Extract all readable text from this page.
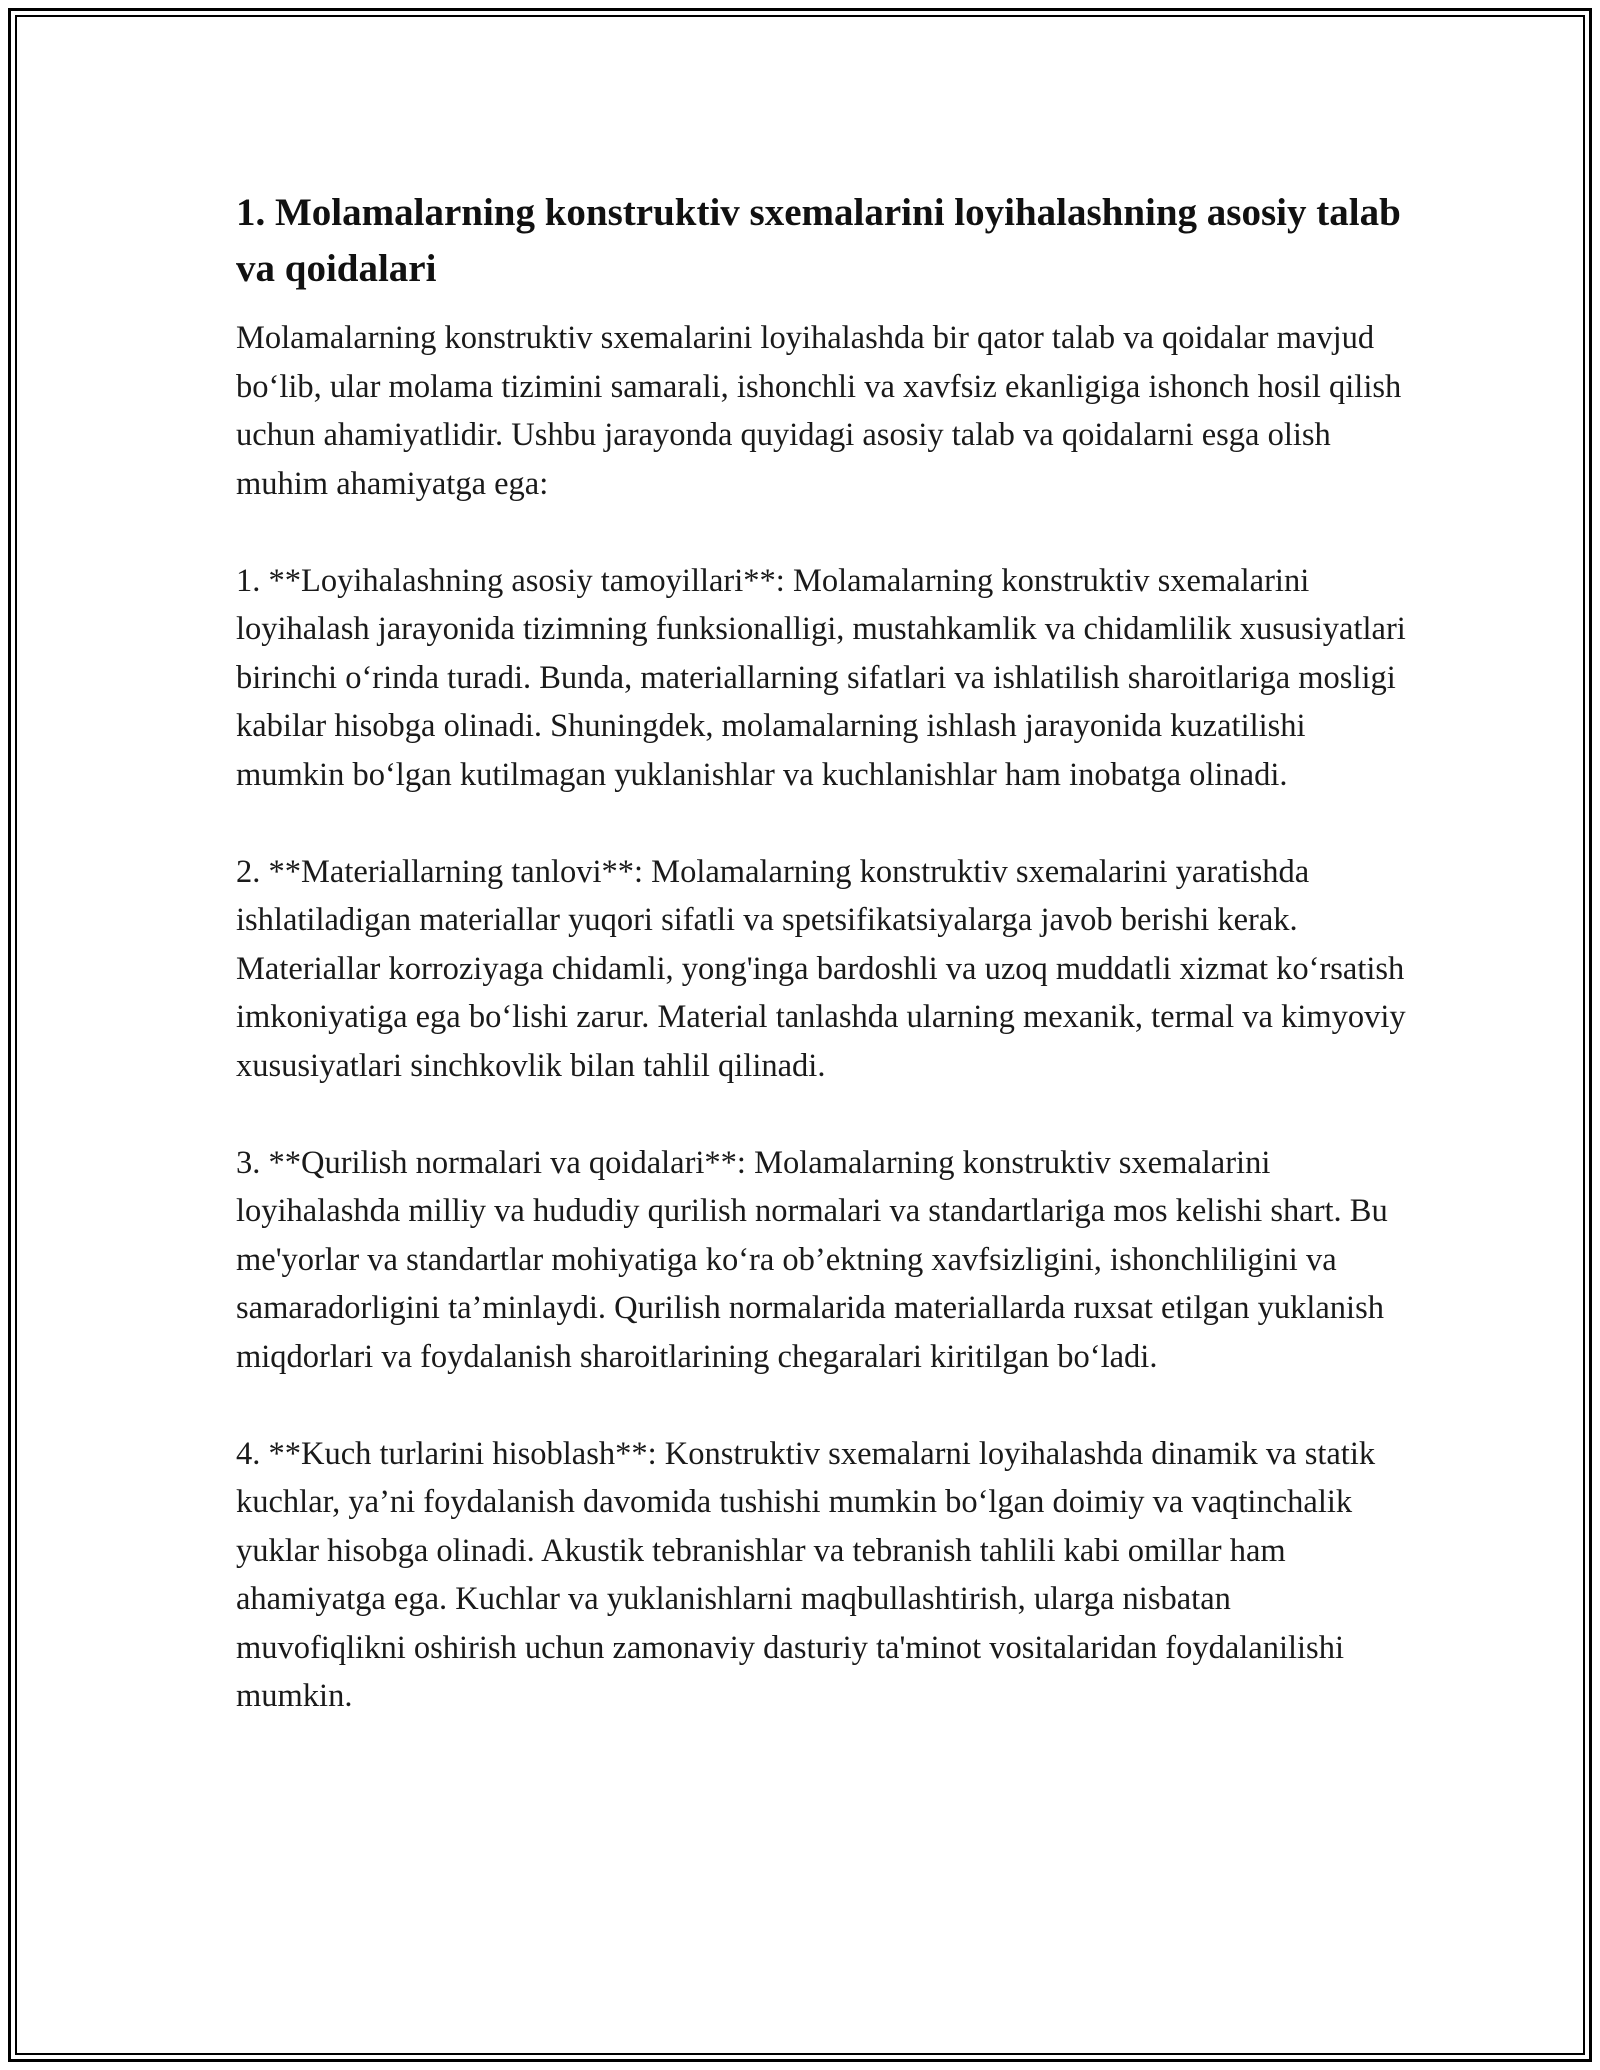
1. Molamalarning konstruktiv sxemalarini loyihalashning asosiy talab va qoidalari

Molamalarning konstruktiv sxemalarini loyihalashda bir qator talab va qoidalar mavjud bo‘lib, ular molama tizimini samarali, ishonchli va xavfsiz ekanligiga ishonch hosil qilish uchun ahamiyatlidir. Ushbu jarayonda quyidagi asosiy talab va qoidalarni esga olish muhim ahamiyatga ega:

1. **Loyihalashning asosiy tamoyillari**: Molamalarning konstruktiv sxemalarini loyihalash jarayonida tizimning funksionalligi, mustahkamlik va chidamlilik xususiyatlari birinchi o‘rinda turadi. Bunda, materiallarning sifatlari va ishlatilish sharoitlariga mosligi kabilar hisobga olinadi. Shuningdek, molamalarning ishlash jarayonida kuzatilishi mumkin bo‘lgan kutilmagan yuklanishlar va kuchlanishlar ham inobatga olinadi.

2. **Materiallarning tanlovi**: Molamalarning konstruktiv sxemalarini yaratishda ishlatiladigan materiallar yuqori sifatli va spetsifikatsiyalarga javob berishi kerak. Materiallar korroziyaga chidamli, yong'inga bardoshli va uzoq muddatli xizmat ko‘rsatish imkoniyatiga ega bo‘lishi zarur. Material tanlashda ularning mexanik, termal va kimyoviy xususiyatlari sinchkovlik bilan tahlil qilinadi.

3. **Qurilish normalari va qoidalari**: Molamalarning konstruktiv sxemalarini loyihalashda milliy va hududiy qurilish normalari va standartlariga mos kelishi shart. Bu me'yorlar va standartlar mohiyatiga ko‘ra ob’ektning xavfsizligini, ishonchliligini va samaradorligini ta’minlaydi. Qurilish normalarida materiallarda ruxsat etilgan yuklanish miqdorlari va foydalanish sharoitlarining chegaralari kiritilgan bo‘ladi.

4. **Kuch turlarini hisoblash**: Konstruktiv sxemalarni loyihalashda dinamik va statik kuchlar, ya’ni foydalanish davomida tushishi mumkin bo‘lgan doimiy va vaqtinchalik yuklar hisobga olinadi. Akustik tebranishlar va tebranish tahlili kabi omillar ham ahamiyatga ega. Kuchlar va yuklanishlarni maqbullashtirish, ularga nisbatan muvofiqlikni oshirish uchun zamonaviy dasturiy ta'minot vositalaridan foydalanilishi mumkin.
